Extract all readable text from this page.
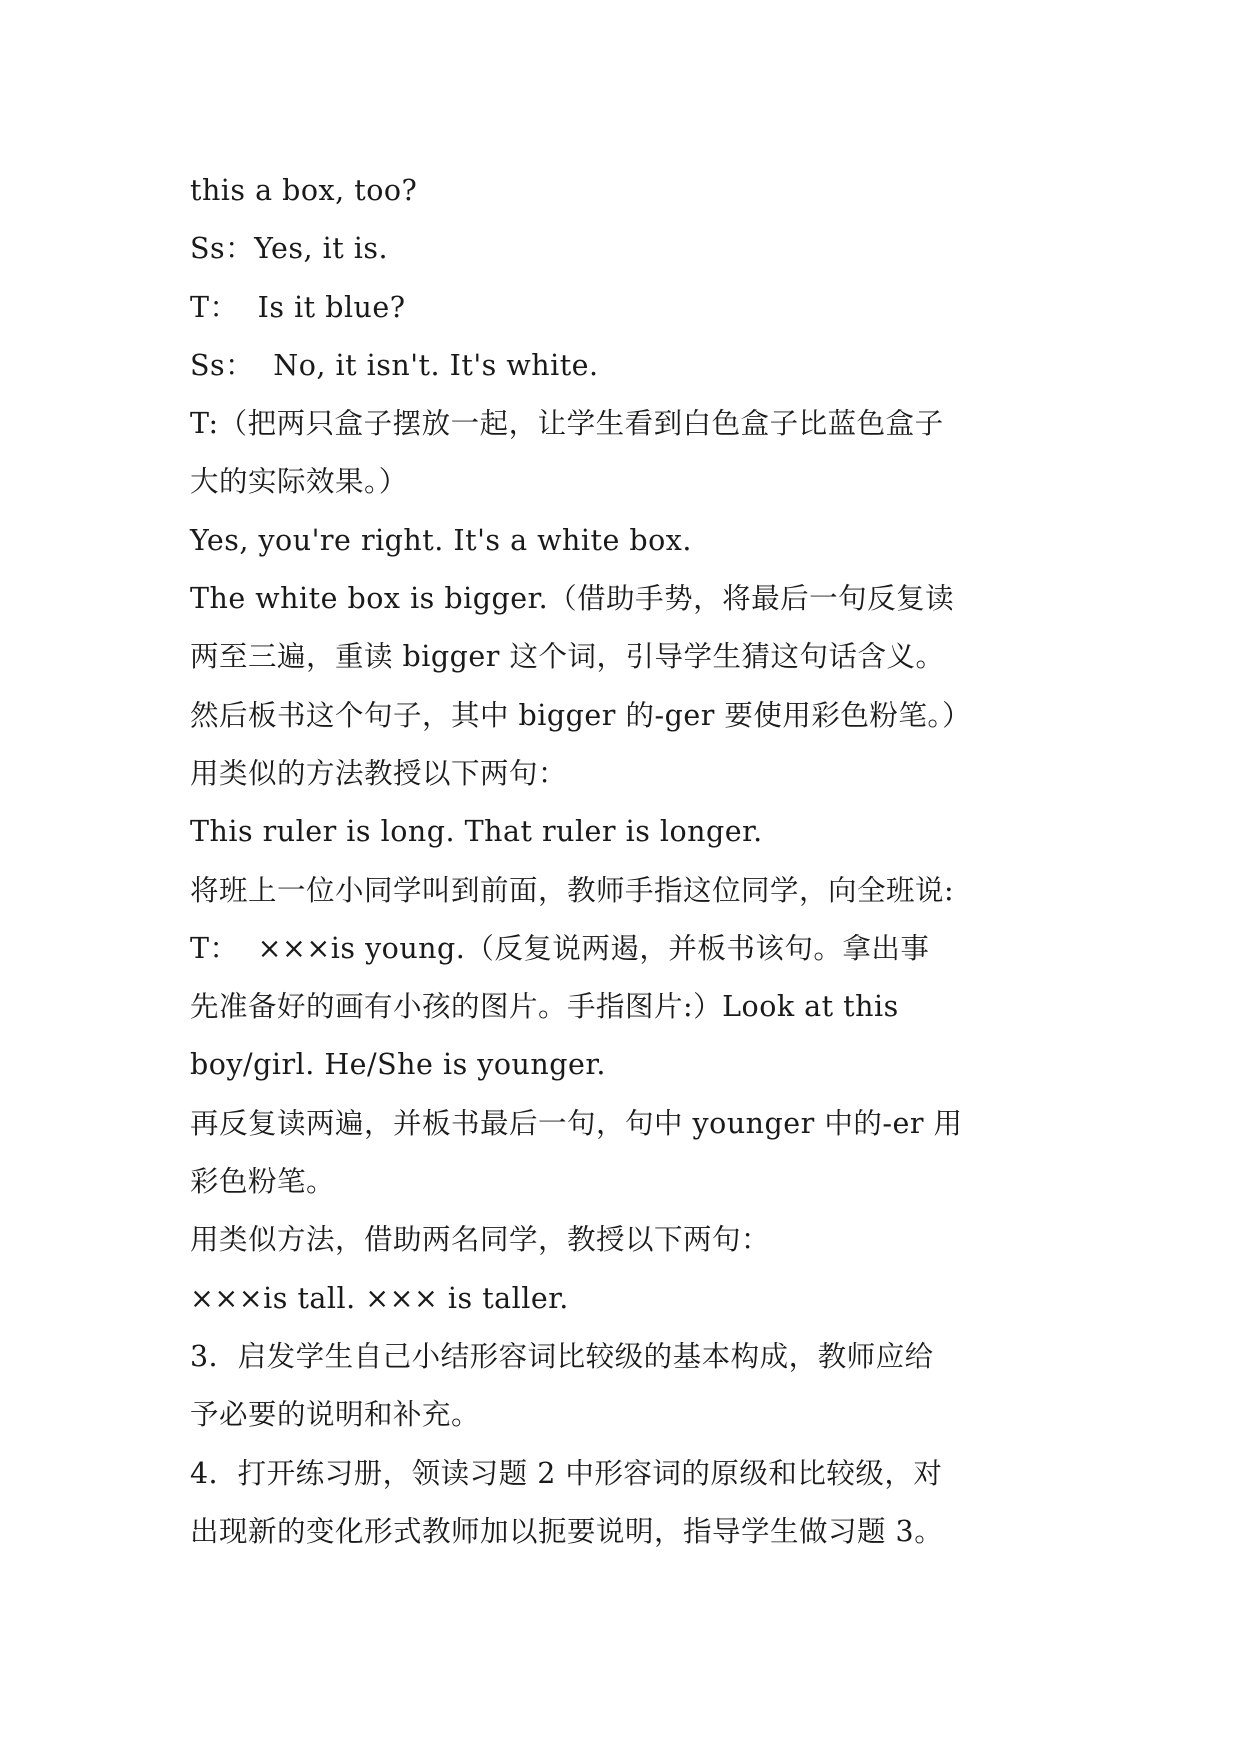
this a box, too?
Ss：Yes, it is.
T：  Is it blue?
Ss：  No, it isn't. It's white.
T:（把两只盒子摆放一起，让学生看到白色盒子比蓝色盒子
大的实际效果。）
Yes, you're right. It's a white box.
The white box is bigger.（借助手势，将最后一句反复读
两至三遍，重读 bigger 这个词，引导学生猜这句话含义。
然后板书这个句子，其中 bigger 的-ger 要使用彩色粉笔。）
用类似的方法教授以下两句：
This ruler is long. That ruler is longer.
将班上一位小同学叫到前面，教师手指这位同学，向全班说:
T：  ×××is young.（反复说两遏，并板书该句。拿出事
先准备好的画有小孩的图片。手指图片:）Look at this
boy/girl. He/She is younger.
再反复读两遍，并板书最后一句，句中 younger 中的-er 用
彩色粉笔。
用类似方法，借助两名同学，教授以下两句：
×××is tall. ××× is taller.
3．启发学生自己小结形容词比较级的基本构成，教师应给
予必要的说明和补充。
4．打开练习册，领读习题 2 中形容词的原级和比较级，对
出现新的变化形式教师加以扼要说明，指导学生做习题 3。
